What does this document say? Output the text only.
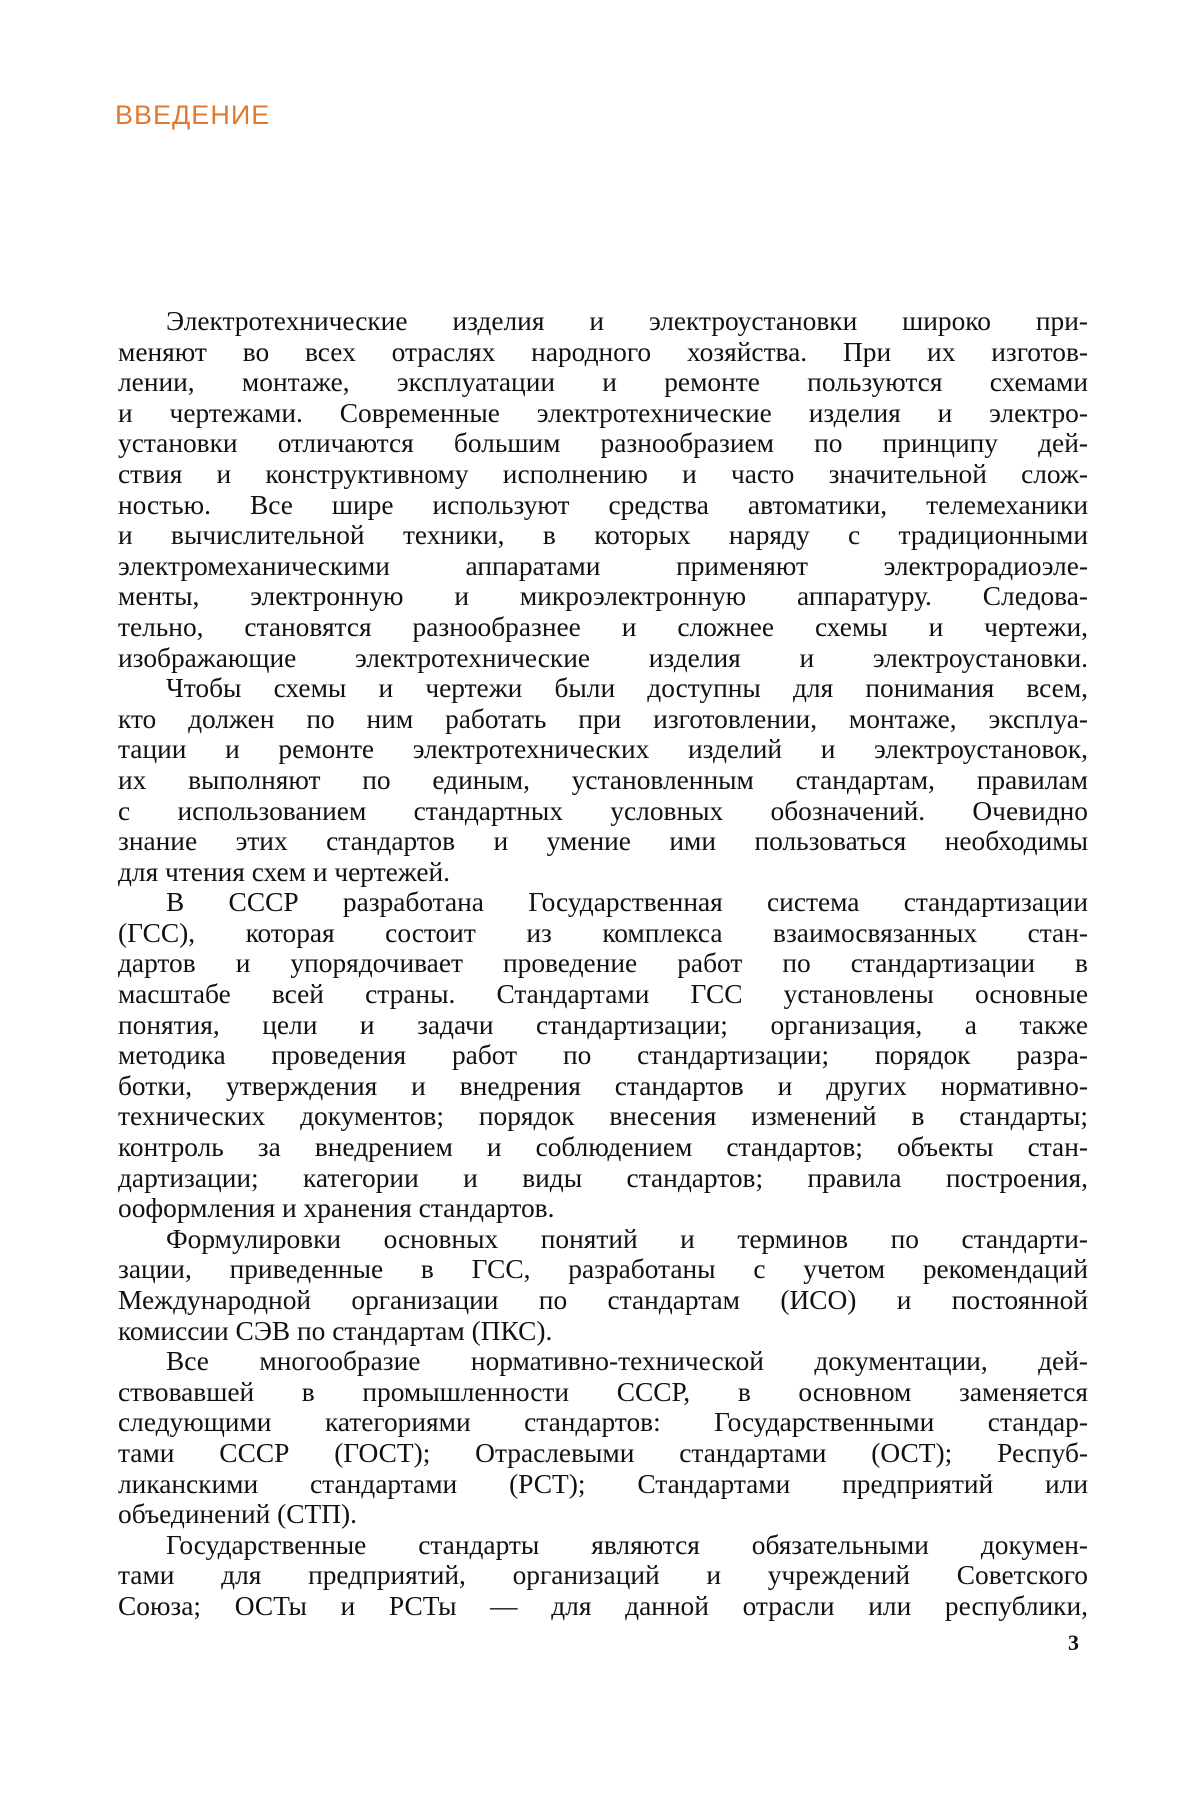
ВВЕДЕНИЕ

Электротехнические изделия и электроустановки широко при-
меняют во всех отраслях народного хозяйства. При их изготов-
лении, монтаже, эксплуатации и ремонте пользуются схемами
и чертежами. Современные электротехнические изделия и электро-
установки отличаются большим разнообразием по принципу дей-
ствия и конструктивному исполнению и часто значительной слож-
ностью. Все шире используют средства автоматики, телемеханики
и вычислительной техники, в которых наряду с традиционными
электромеханическими аппаратами применяют электрорадиоэле-
менты, электронную и микроэлектронную аппаратуру. Следова-
тельно, становятся разнообразнее и сложнее схемы и чертежи,
изображающие электротехнические изделия и электроустановки.

Чтобы схемы и чертежи были доступны для понимания всем,
кто должен по ним работать при изготовлении, монтаже, эксплуа-
тации и ремонте электротехнических изделий и электроустановок,
их выполняют по единым, установленным стандартам, правилам
с использованием стандартных условных обозначений. Очевидно
знание этих стандартов и умение ими пользоваться необходимы
для чтения схем и чертежей.

В СССР разработана Государственная система стандартизации
(ГСС), которая состоит из комплекса взаимосвязанных стан-
дартов и упорядочивает проведение работ по стандартизации в
масштабе всей страны. Стандартами ГСС установлены основные
понятия, цели и задачи стандартизации; организация, а также
методика проведения работ по стандартизации; порядок разра-
ботки, утверждения и внедрения стандартов и других нормативно-
технических документов; порядок внесения изменений в стандарты;
контроль за внедрением и соблюдением стандартов; объекты стан-
дартизации; категории и виды стандартов; правила построения,
ооформления и хранения стандартов.

Формулировки основных понятий и терминов по стандарти-
зации, приведенные в ГСС, разработаны с учетом рекомендаций
Международной организации по стандартам (ИСО) и постоянной
комиссии СЭВ по стандартам (ПКС).

Все многообразие нормативно-технической документации, дей-
ствовавшей в промышленности СССР, в основном заменяется
следующими категориями стандартов: Государственными стандар-
тами СССР (ГОСТ); Отраслевыми стандартами (ОСТ); Респуб-
ликанскими стандартами (РСТ); Стандартами предприятий или
объединений (СТП).

Государственные стандарты являются обязательными докумен-
тами для предприятий, организаций и учреждений Советского
Союза; ОСТы и РСТы — для данной отрасли или республики,

3
